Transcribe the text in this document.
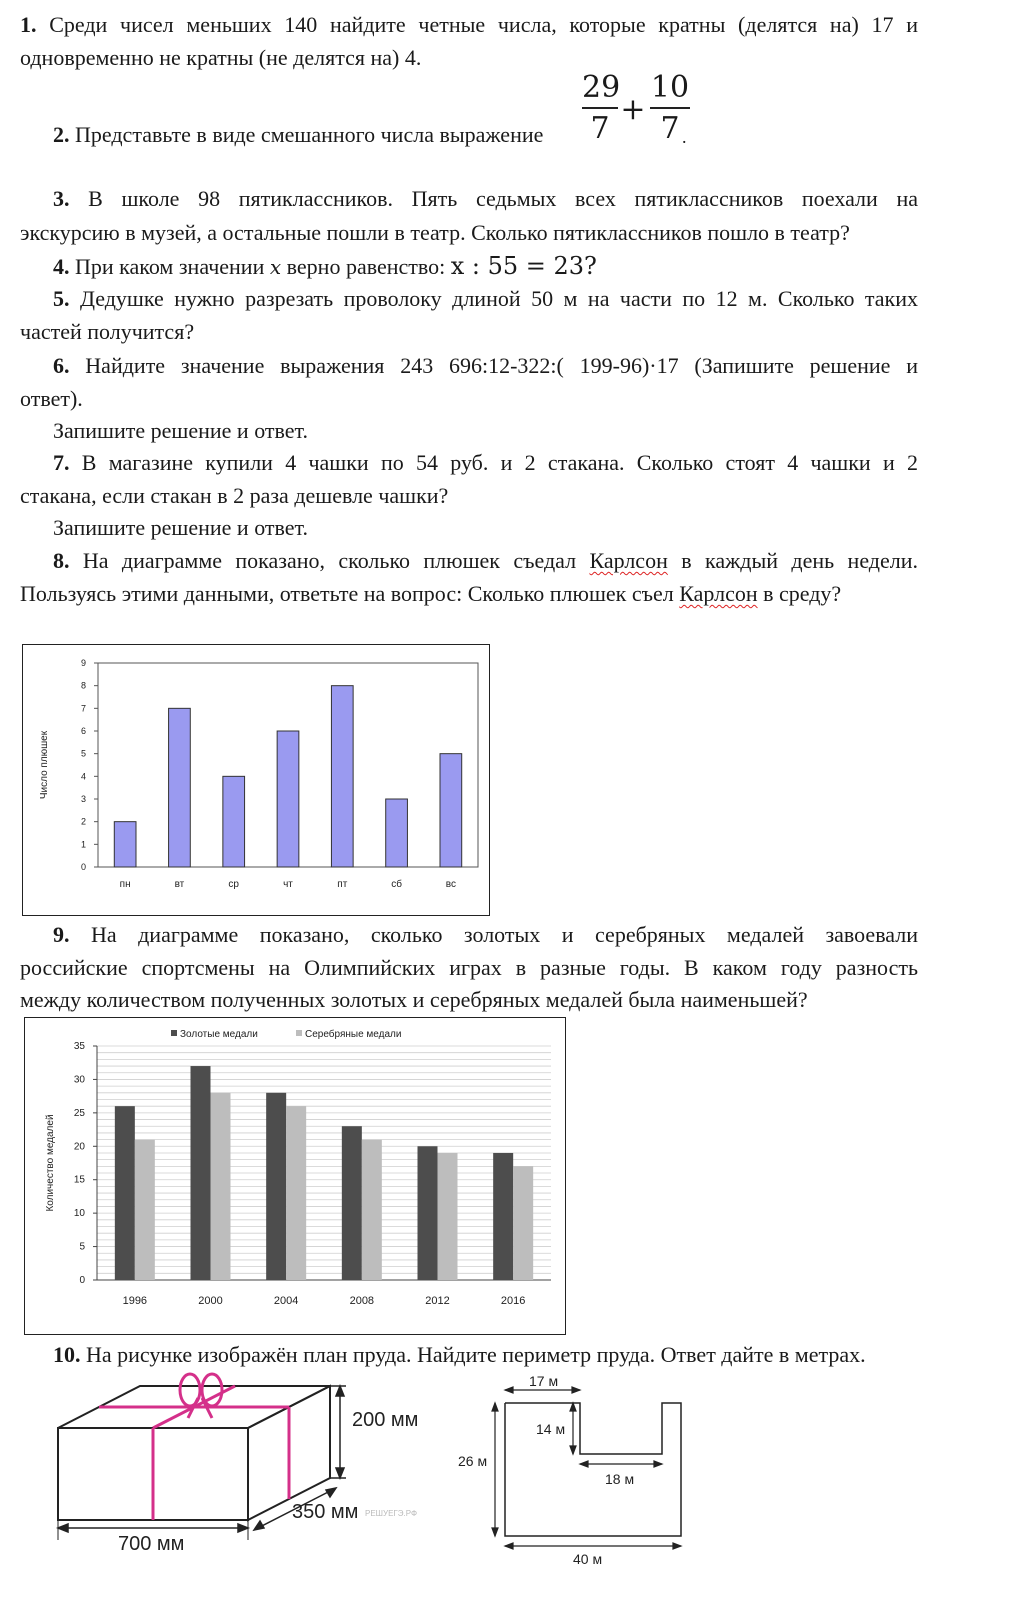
1. Среди чисел меньших 140 найдите четные числа, которые кратны (делятся на) 17 и
одновременно не кратны (не делятся на) 4.
2. Представьте в виде смешанного числа выражение
29
7
+
10
7 .
3. В школе 98 пятиклассников. Пять седьмых всех пятиклассников поехали на
экскурсию в музей, а остальные пошли в театр. Сколько пятиклассников пошло в театр?
4. При каком значении x верно равенство: x : 55 = 23?
5. Дедушке нужно разрезать проволоку длиной 50 м на части по 12 м. Сколько таких
частей получится?
6. Найдите значение выражения 243 696:12-322:( 199-96)·17 (Запишите решение и
ответ).
Запишите решение и ответ.
7. В магазине купили 4 чашки по 54 руб. и 2 стакана. Сколько стоят 4 чашки и 2
стакана, если стакан в 2 раза дешевле чашки?
Запишите решение и ответ.
8. На диаграмме показано, сколько плюшек съедал Карлсон в каждый день недели.
Пользуясь этими данными, ответьте на вопрос: Сколько плюшек съел Карлсон в среду?
0
1
2
3
4
5
6
7
8
9
пн	вт	ср	чт	пт	сб	вс
Число плюшек
9. На диаграмме показано, сколько золотых и серебряных медалей завоевали
российские спортсмены на Олимпийских играх в разные годы. В каком году разность
между количеством полученных золотых и серебряных медалей была наименьшей?
0
5
10
15
20
25
30
35
1996	2000	2004	2008	2012	2016
Золотые медали	Серебряные медали
Количество медалей
10. На рисунке изображён план пруда. Найдите периметр пруда. Ответ дайте в метрах.
200 мм
350 мм РЕШУЕГЭ.РФ
700 мм
17 м
14 м
26 м
18 м
40 м
